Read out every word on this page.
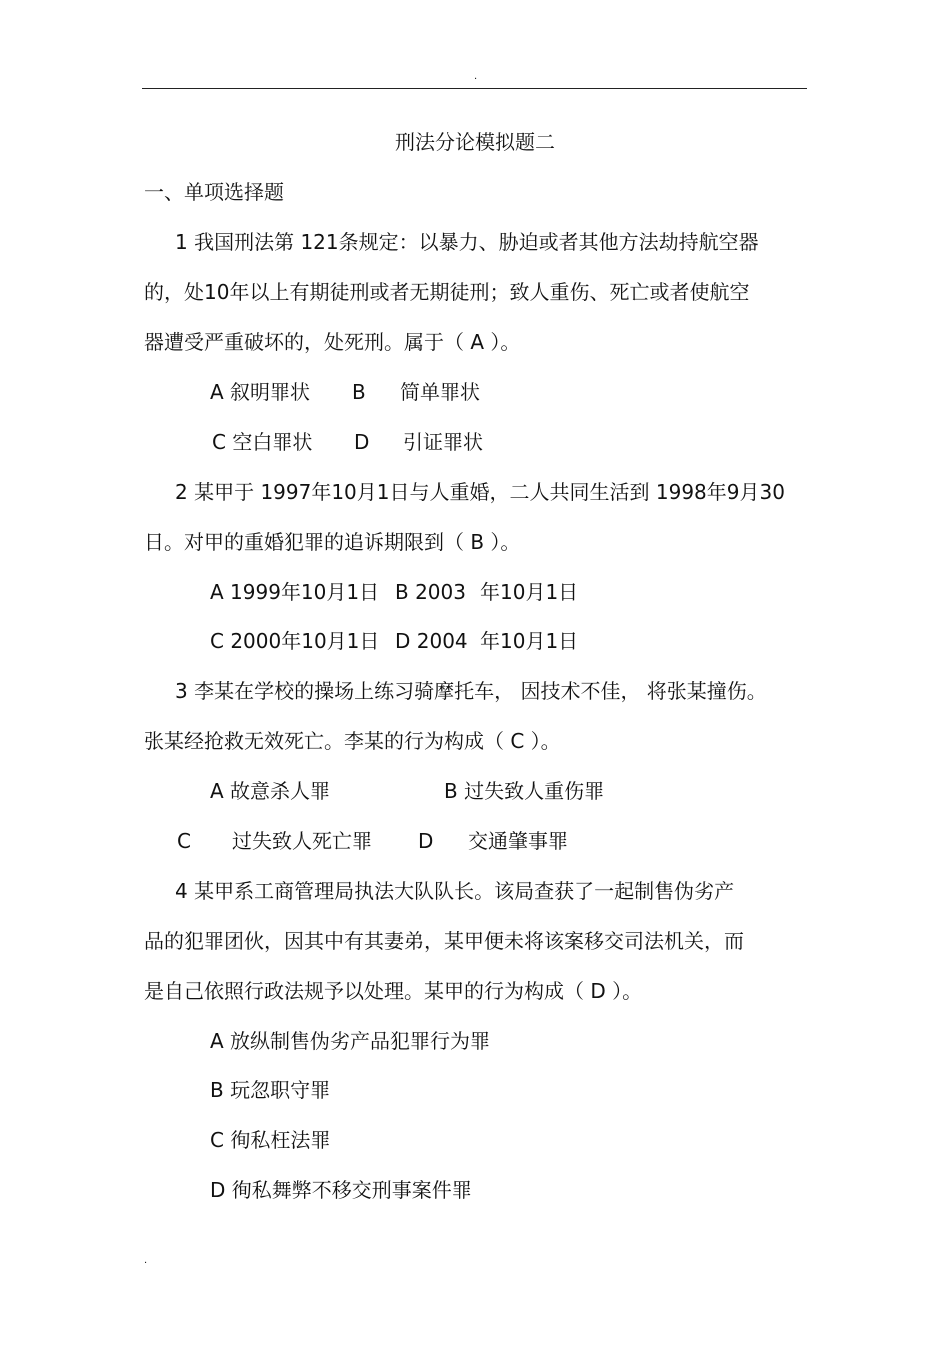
.
刑法分论模拟题二
一、单项选择题
1 我国刑法第 121条规定：以暴力、胁迫或者其他方法劫持航空器
的，处10年以上有期徒刑或者无期徒刑；致人重伤、死亡或者使航空
器遭受严重破坏的，处死刑。属于（ A ）。
A 叙明罪状 B 简单罪状
C 空白罪状 D 引证罪状
2 某甲于 1997年10月1日与人重婚，二人共同生活到 1998年9月30
日。对甲的重婚犯罪的追诉期限到（ B ）。
A 1999年10月1日 B 2003 年10月1日
C 2000年10月1日 D 2004 年10月1日
3 李某在学校的操场上练习骑摩托车， 因技术不佳， 将张某撞伤。
张某经抢救无效死亡。李某的行为构成（ C ）。
A 故意杀人罪	B 过失致人重伤罪
C 过失致人死亡罪 D 交通肇事罪
4 某甲系工商管理局执法大队队长。该局查获了一起制售伪劣产
品的犯罪团伙，因其中有其妻弟，某甲便未将该案移交司法机关，而
是自己依照行政法规予以处理。某甲的行为构成（ D ）。
A 放纵制售伪劣产品犯罪行为罪
B 玩忽职守罪
C 徇私枉法罪
D 徇私舞弊不移交刑事案件罪
.
